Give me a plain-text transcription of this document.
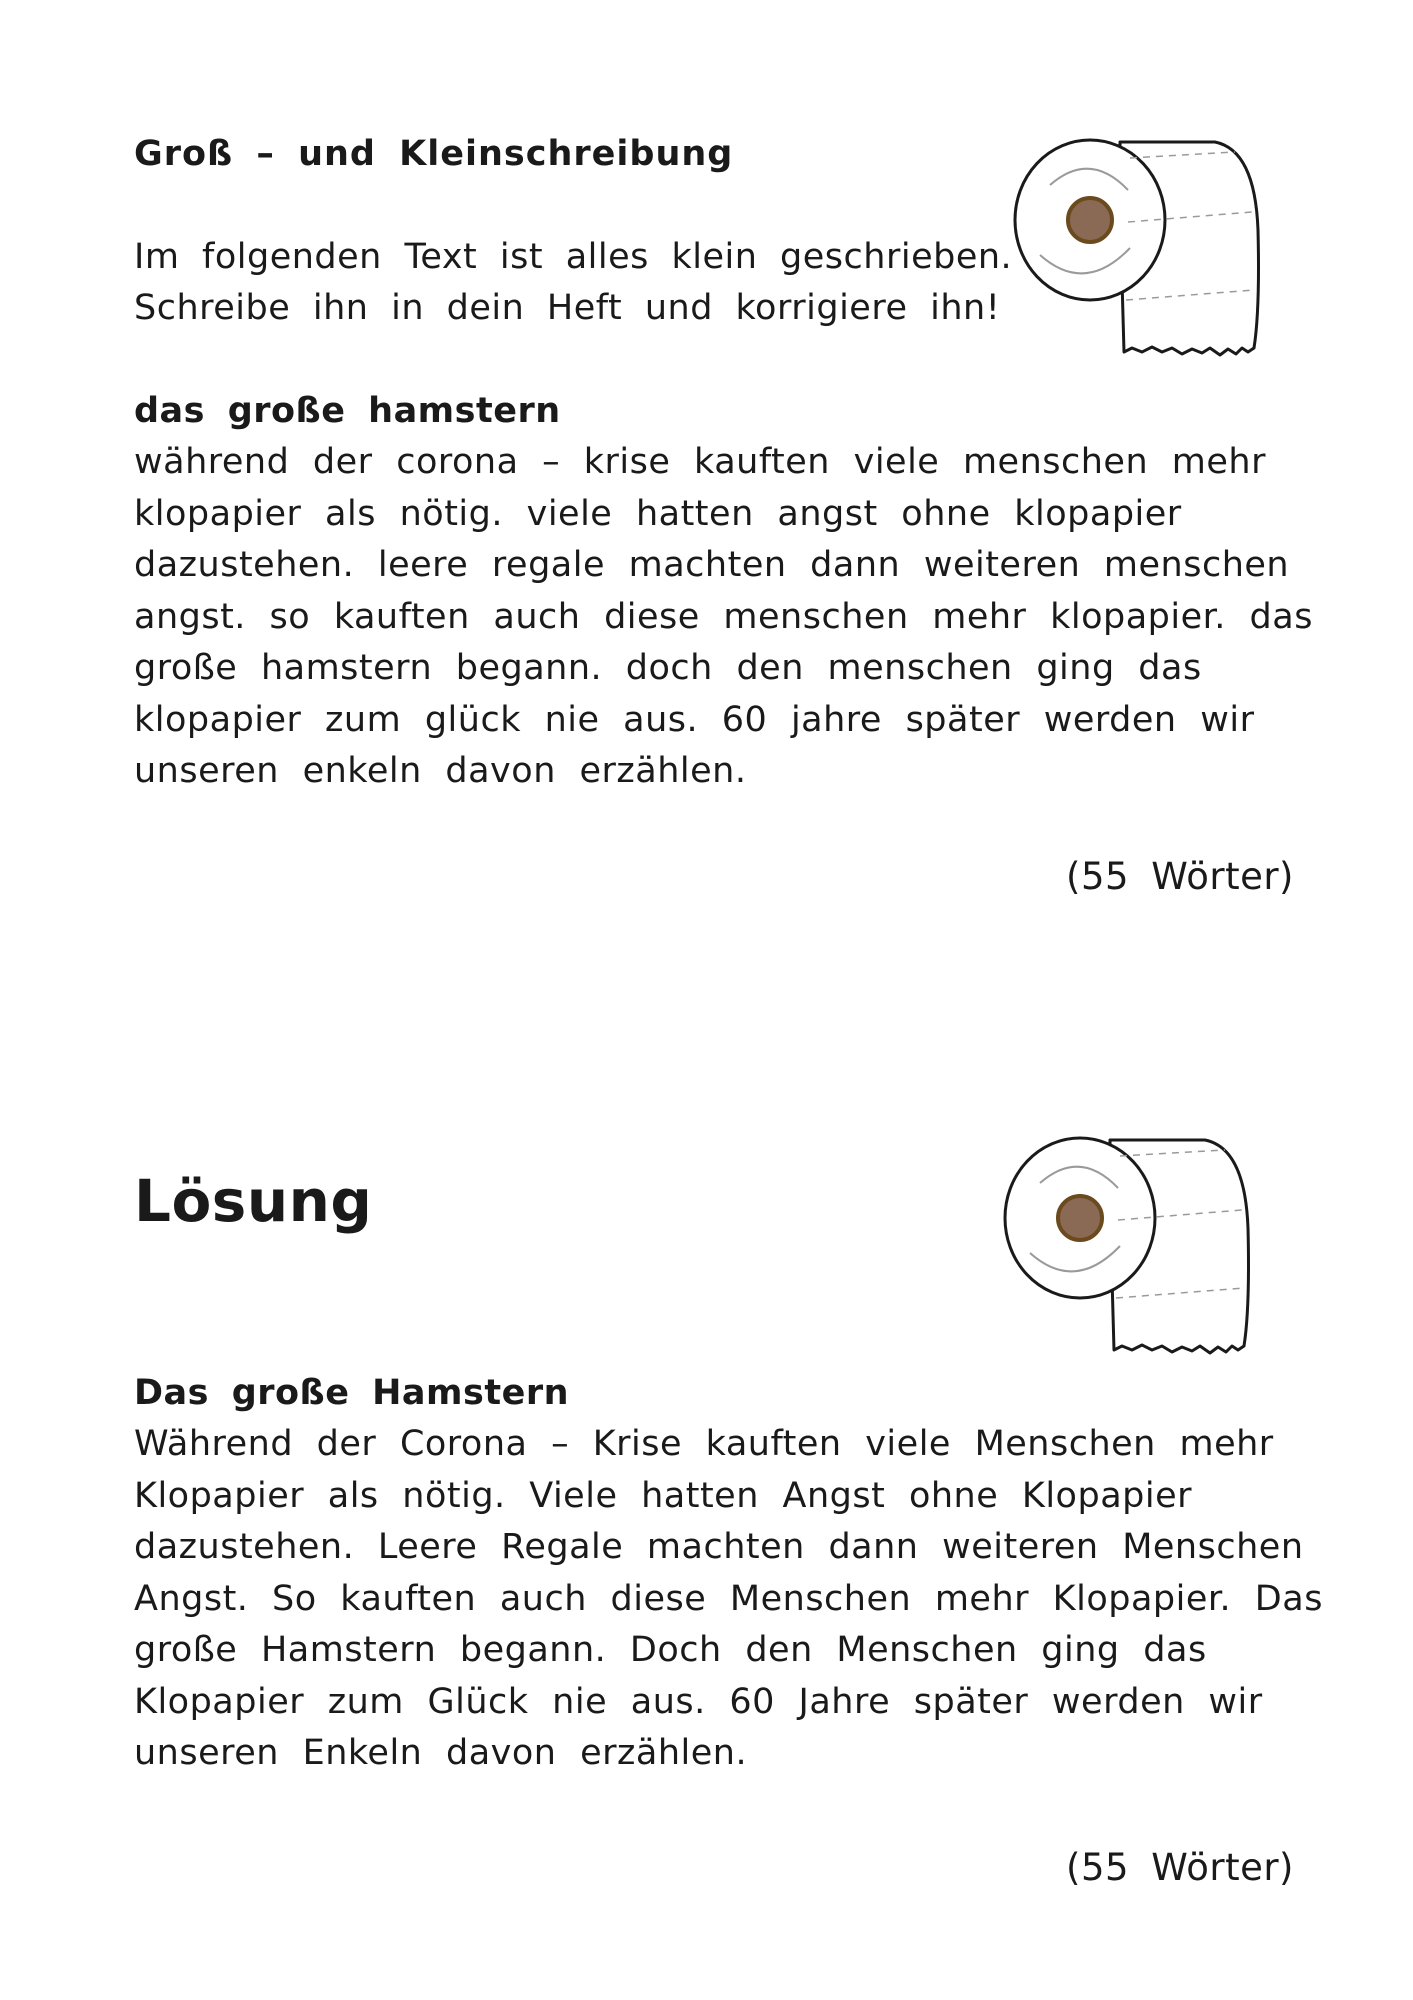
Groß – und Kleinschreibung

Im folgenden Text ist alles klein geschrieben.
Schreibe ihn in dein Heft und korrigiere ihn!

das große hamstern

während der corona – krise kauften viele menschen mehr
klopapier als nötig. viele hatten angst ohne klopapier
dazustehen. leere regale machten dann weiteren menschen
angst. so kauften auch diese menschen mehr klopapier. das
große hamstern begann. doch den menschen ging das
klopapier zum glück nie aus. 60 jahre später werden wir
unseren enkeln davon erzählen.

(55 Wörter)
Lösung
Das große Hamstern

Während der Corona – Krise kauften viele Menschen mehr
Klopapier als nötig. Viele hatten Angst ohne Klopapier
dazustehen. Leere Regale machten dann weiteren Menschen
Angst. So kauften auch diese Menschen mehr Klopapier. Das
große Hamstern begann. Doch den Menschen ging das
Klopapier zum Glück nie aus. 60 Jahre später werden wir
unseren Enkeln davon erzählen.

(55 Wörter)
